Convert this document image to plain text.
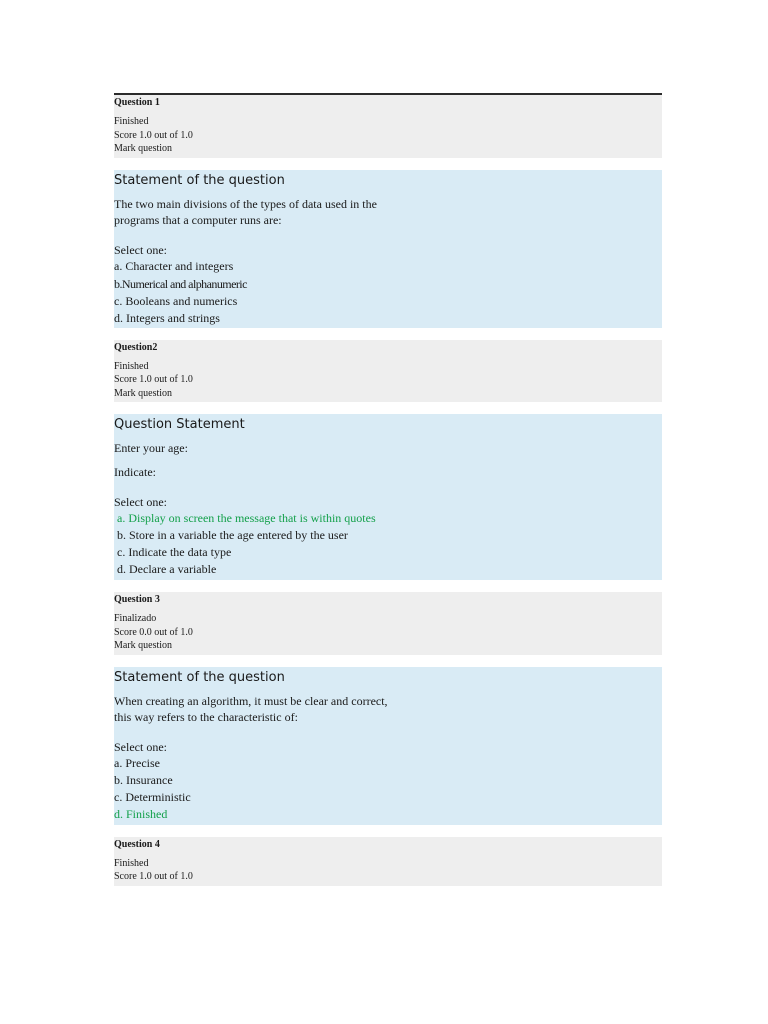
Question 1
Finished
Score 1.0 out of 1.0
Mark question
Statement of the question
The two main divisions of the types of data used in the
programs that a computer runs are:
Select one:
a. Character and integers
b.Numerical and alphanumeric
c. Booleans and numerics
d. Integers and strings
Question2
Finished
Score 1.0 out of 1.0
Mark question
Question Statement
Enter your age:
Indicate:
Select one:
a. Display on screen the message that is within quotes
b. Store in a variable the age entered by the user
c. Indicate the data type
d. Declare a variable
Question 3
Finalizado
Score 0.0 out of 1.0
Mark question
Statement of the question
When creating an algorithm, it must be clear and correct,
this way refers to the characteristic of:
Select one:
a. Precise
b. Insurance
c. Deterministic
d. Finished
Question 4
Finished
Score 1.0 out of 1.0
